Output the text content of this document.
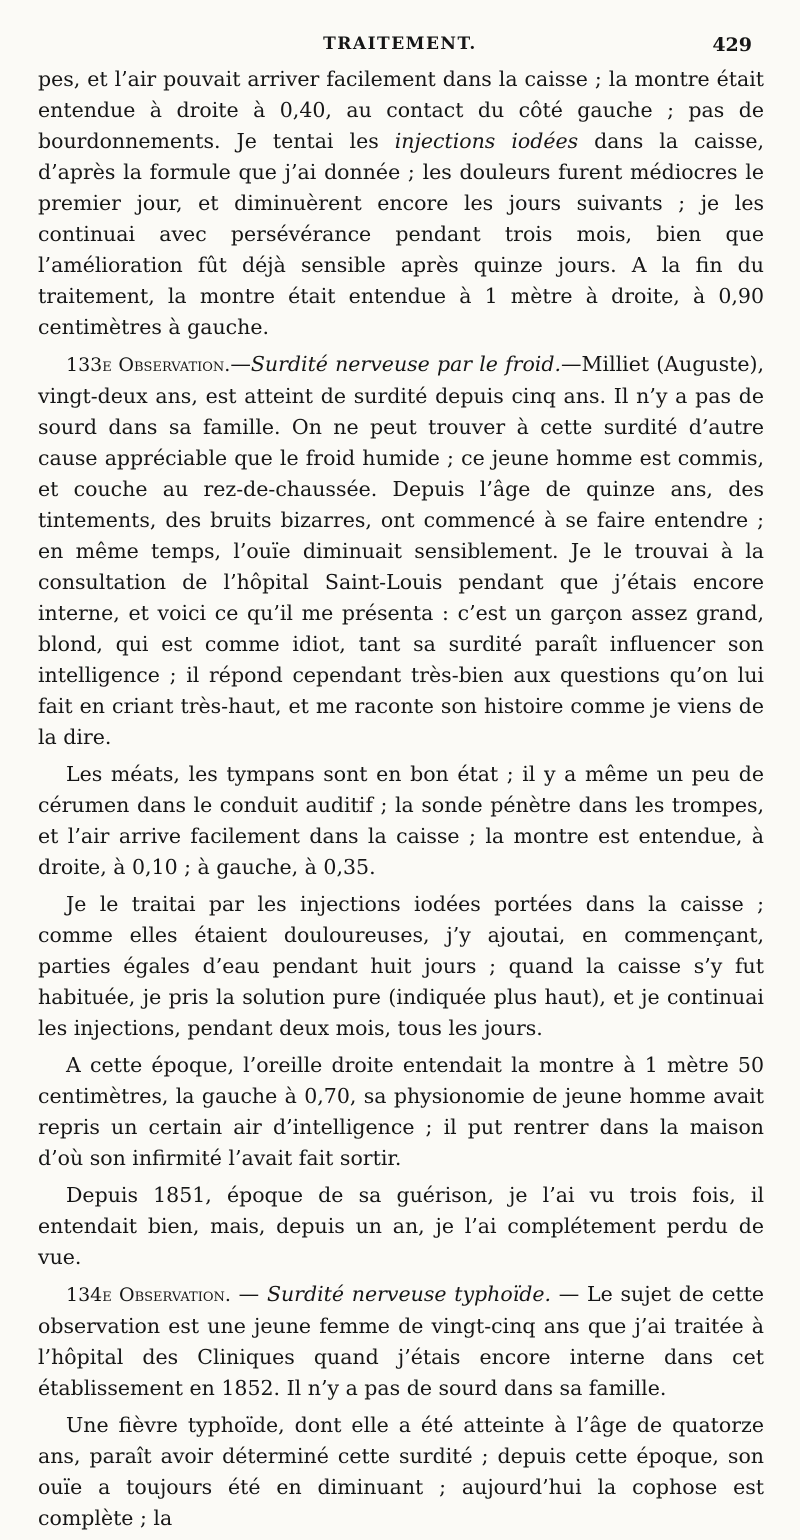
TRAITEMENT.	429

pes, et l’air pouvait arriver facilement dans la caisse ; la montre était entendue à droite à 0,40, au contact du côté gauche ; pas de bourdonnements. Je tentai les injections iodées dans la caisse, d’après la formule que j’ai donnée ; les douleurs furent médiocres le premier jour, et diminuèrent encore les jours suivants ; je les continuai avec persévérance pendant trois mois, bien que l’amélioration fût déjà sensible après quinze jours. A la fin du traitement, la montre était entendue à 1 mètre à droite, à 0,90 centimètres à gauche.

133e Observation.—Surdité nerveuse par le froid.—Milliet (Auguste), vingt-deux ans, est atteint de surdité depuis cinq ans. Il n’y a pas de sourd dans sa famille. On ne peut trouver à cette surdité d’autre cause appréciable que le froid humide ; ce jeune homme est commis, et couche au rez-de-chaussée. Depuis l’âge de quinze ans, des tintements, des bruits bizarres, ont commencé à se faire entendre ; en même temps, l’ouïe diminuait sensiblement. Je le trouvai à la consultation de l’hôpital Saint-Louis pendant que j’étais encore interne, et voici ce qu’il me présenta : c’est un garçon assez grand, blond, qui est comme idiot, tant sa surdité paraît influencer son intelligence ; il répond cependant très-bien aux questions qu’on lui fait en criant très-haut, et me raconte son histoire comme je viens de la dire.

Les méats, les tympans sont en bon état ; il y a même un peu de cérumen dans le conduit auditif ; la sonde pénètre dans les trompes, et l’air arrive facilement dans la caisse ; la montre est entendue, à droite, à 0,10 ; à gauche, à 0,35.

Je le traitai par les injections iodées portées dans la caisse ; comme elles étaient douloureuses, j’y ajoutai, en commençant, parties égales d’eau pendant huit jours ; quand la caisse s’y fut habituée, je pris la solution pure (indiquée plus haut), et je continuai les injections, pendant deux mois, tous les jours.

A cette époque, l’oreille droite entendait la montre à 1 mètre 50 centimètres, la gauche à 0,70, sa physionomie de jeune homme avait repris un certain air d’intelligence ; il put rentrer dans la maison d’où son infirmité l’avait fait sortir.

Depuis 1851, époque de sa guérison, je l’ai vu trois fois, il entendait bien, mais, depuis un an, je l’ai complétement perdu de vue.

134e Observation. — Surdité nerveuse typhoïde. — Le sujet de cette observation est une jeune femme de vingt-cinq ans que j’ai traitée à l’hôpital des Cliniques quand j’étais encore interne dans cet établissement en 1852. Il n’y a pas de sourd dans sa famille.

Une fièvre typhoïde, dont elle a été atteinte à l’âge de quatorze ans, paraît avoir déterminé cette surdité ; depuis cette époque, son ouïe a toujours été en diminuant ; aujourd’hui la cophose est complète ; la
